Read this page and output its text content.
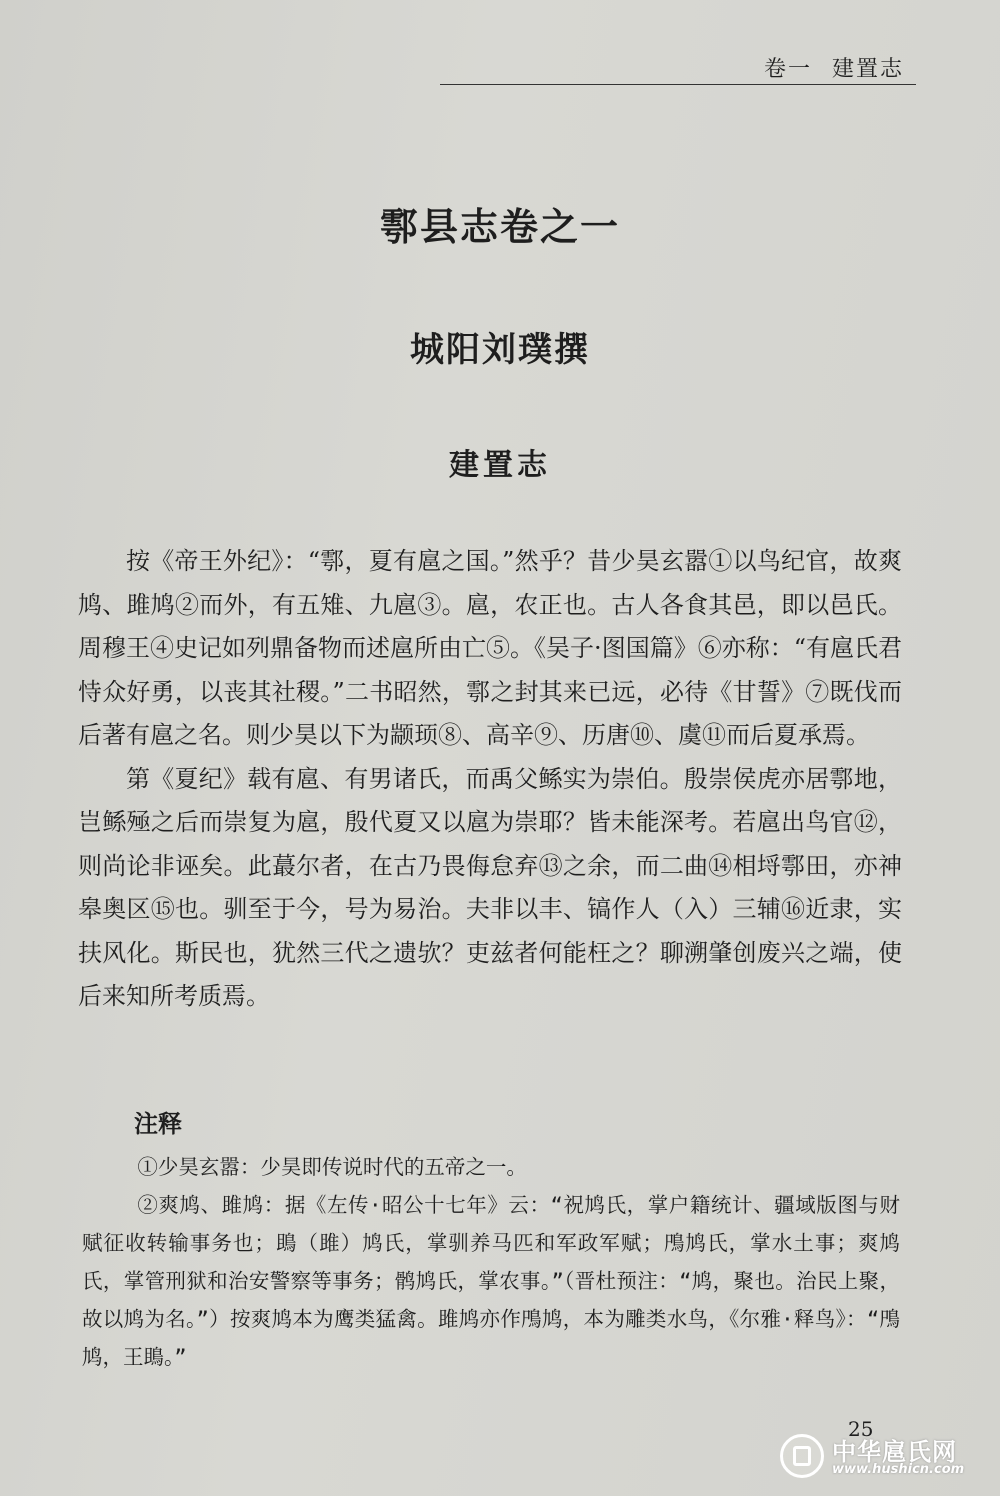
卷一 建置志
鄠县志卷之一
城阳刘璞撰
建置志

按《帝王外纪》：“鄠，夏有扈之国。”然乎？昔少昊玄嚣①以鸟纪官，故爽鸠、雎鸠②而外，有五雉、九扈③。扈，农正也。古人各食其邑，即以邑氏。周穆王④史记如列鼎备物而述扈所由亡⑤。《吴子·图国篇》⑥亦称：“有扈氏君恃众好勇，以丧其社稷。”二书昭然，鄠之封其来已远，必待《甘誓》⑦既伐而后著有扈之名。则少昊以下为颛顼⑧、高辛⑨、历唐⑩、虞⑪而后夏承焉。

第《夏纪》载有扈、有男诸氏，而禹父鲧实为崇伯。殷崇侯虎亦居鄠地，岂鲧殛之后而崇复为扈，殷代夏又以扈为崇耶？皆未能深考。若扈出鸟官⑫，则尚论非诬矣。此蕞尔者，在古乃畏侮怠弃⑬之余，而二曲⑭相埒鄠田，亦神皋奥区⑮也。驯至于今，号为易治。夫非以丰、镐作人（入）三辅⑯近隶，实扶风化。斯民也，犹然三代之遗欤？吏兹者何能枉之？聊溯肇创废兴之端，使后来知所考质焉。

注释

①少昊玄嚣：少昊即传说时代的五帝之一。

②爽鸠、雎鸠：据《左传·昭公十七年》云：“祝鸠氏，掌户籍统计、疆域版图与财赋征收转输事务也；鴡（雎）鸠氏，掌驯养马匹和军政军赋；鳲鸠氏，掌水土事；爽鸠氏，掌管刑狱和治安警察等事务；鹘鸠氏，掌农事。”（晋杜预注：“鸠，聚也。治民上聚，故以鸠为名。”）按爽鸠本为鹰类猛禽。雎鸠亦作鳲鸠，本为雕类水鸟，《尔雅·释鸟》：“鳲鸠，王鴡。”

25
中华扈氏网
www.hushicn.com
